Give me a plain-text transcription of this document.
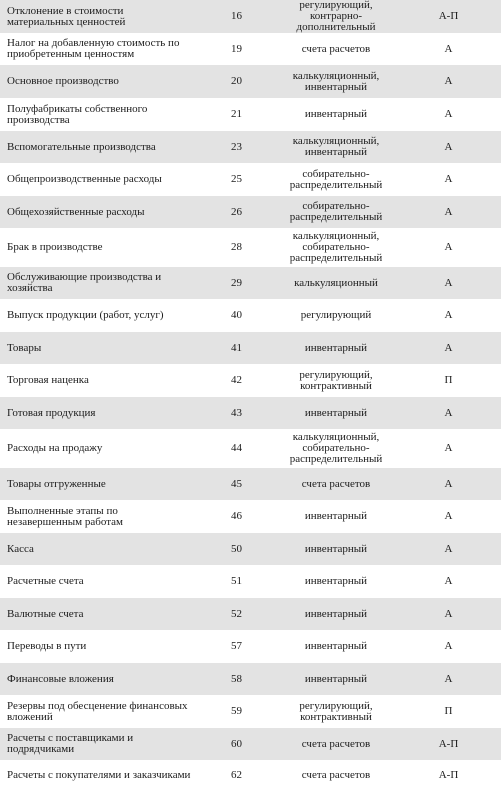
Отклонение в стоимости материальных ценностей	16	регулирующий, контрарно-дополнительный	А-П
Налог на добавленную стоимость по приобретенным ценностям	19	счета расчетов	А
Основное производство	20	калькуляционный, инвентарный	А
Полуфабрикаты собственного производства	21	инвентарный	А
Вспомогательные производства	23	калькуляционный, инвентарный	А
Общепроизводственные расходы	25	собирательно-распределительный	А
Общехозяйственные расходы	26	собирательно-распределительный	А
Брак в производстве	28	калькуляционный, собирательно-распределительный	А
Обслуживающие производства и хозяйства	29	калькуляционный	А
Выпуск продукции (работ, услуг)	40	регулирующий	А
Товары	41	инвентарный	А
Торговая наценка	42	регулирующий, контрактивный	П
Готовая продукция	43	инвентарный	А
Расходы на продажу	44	калькуляционный, собирательно-распределительный	А
Товары отгруженные	45	счета расчетов	А
Выполненные этапы по незавершенным работам	46	инвентарный	А
Касса	50	инвентарный	А
Расчетные счета	51	инвентарный	А
Валютные счета	52	инвентарный	А
Переводы в пути	57	инвентарный	А
Финансовые вложения	58	инвентарный	А
Резервы под обесценение финансовых вложений	59	регулирующий, контрактивный	П
Расчеты с поставщиками и подрядчиками	60	счета расчетов	А-П
Расчеты с покупателями и заказчиками	62	счета расчетов	А-П
